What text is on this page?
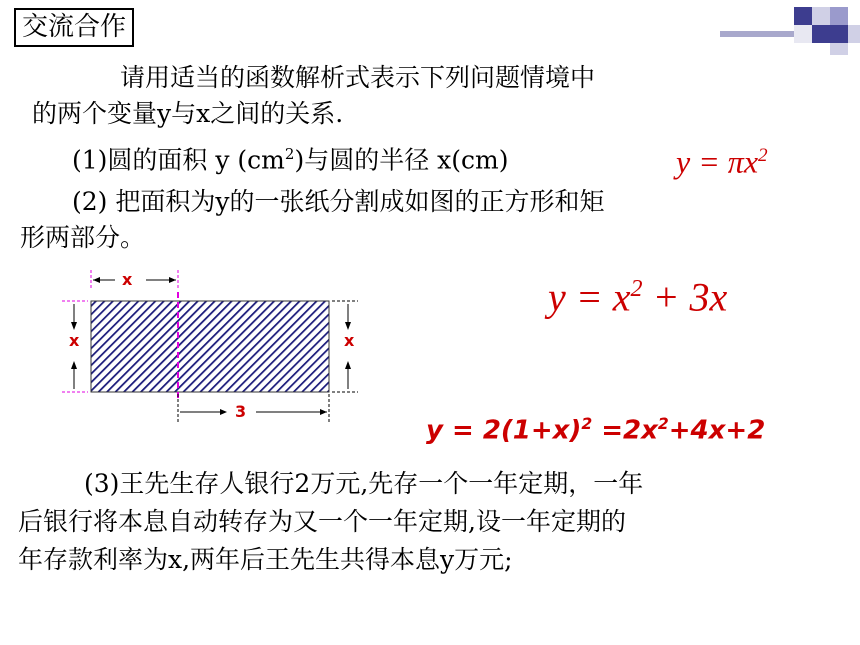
交流合作
请用适当的函数解析式表示下列问题情境中
的两个变量y与x之间的关系.
(1)圆的面积 y $(cm^2)$与圆的半径 x(cm)	$y = \pi x^2$
(2) 把面积为y的一张纸分割成如图的正方形和矩
形两部分。
$y = x^2 + 3x$
x
x	x
3
$y = 2(1+x)^2 =2x^2+4x+2$
(3)王先生存人银行2万元,先存一个一年定期，一年
后银行将本息自动转存为又一个一年定期,设一年定期的
年存款利率为x,两年后王先生共得本息y万元;
